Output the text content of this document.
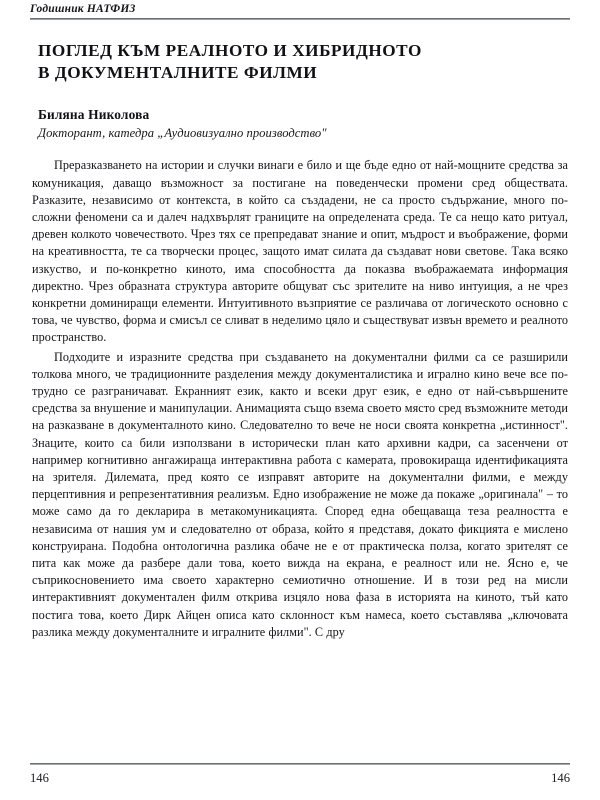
Годишник НАТФИЗ
ПОГЛЕД КЪМ РЕАЛНОТО И ХИБРИДНОТО
В ДОКУМЕНТАЛНИТЕ ФИЛМИ

Биляна Николова

Докторант, катедра „Аудиовизуално производство"

Преразказването на истории и случки винаги е било и ще бъде едно от най-мощните средства за комуникация, даващо възможност за постигане на поведенчески промени сред обществата. Разказите, независимо от контекста, в който са създадени, не са просто съдържание, много по-сложни феномени са и далеч надхвърлят границите на определената среда. Те са нещо като ритуал, древен колкото човечеството. Чрез тях се препредават знание и опит, мъдрост и въображение, форми на креативността, те са творчески процес, защото имат силата да създават нови светове. Така всяко изкуство, и по-конкретно киното, има способността да показва въображаемата информация директно. Чрез образната структура авторите общуват със зрителите на ниво интуиция, а не чрез конкретни доминиращи елементи. Интуитивното възприятие се различава от логическото основно с това, че чувство, форма и смисъл се сливат в неделимо цяло и съществуват извън времето и реалното пространство.

Подходите и изразните средства при създаването на документални филми са се разширили толкова много, че традиционните разделения между документалистика и игрално кино вече все по-трудно се разграничават. Екранният език, както и всеки друг език, е едно от най-съвършените средства за внушение и манипулации. Анимацията също взема своето място сред възможните методи на разказване в документалното кино. Следователно то вече не носи своята конкретна „истинност". Знаците, които са били използвани в исторически план като архивни кадри, са засенчени от например когнитивно ангажираща интерактивна работа с камерата, провокираща идентификацията на зрителя. Дилемата, пред която се изправят авторите на документални филми, е между перцептивния и репрезентативния реализъм. Едно изображение не може да покаже „оригинала" – то може само да го декларира в метакомуникацията. Според една обещаваща теза реалността е независима от нашия ум и следователно от образа, който я представя, докато фикцията е мислено конструирана. Подобна онтологична разлика обаче не е от практическа полза, когато зрителят се пита как може да разбере дали това, което вижда на екрана, е реалност или не. Ясно е, че съприкосновението има своето характерно семиотично отношение. И в този ред на мисли интерактивният документален филм открива изцяло нова фаза в историята на киното, тъй като постига това, което Дирк Айцен описа като склонност към намеса, което съставлява „ключовата разлика между документалните и игралните филми". С дру

146	146
